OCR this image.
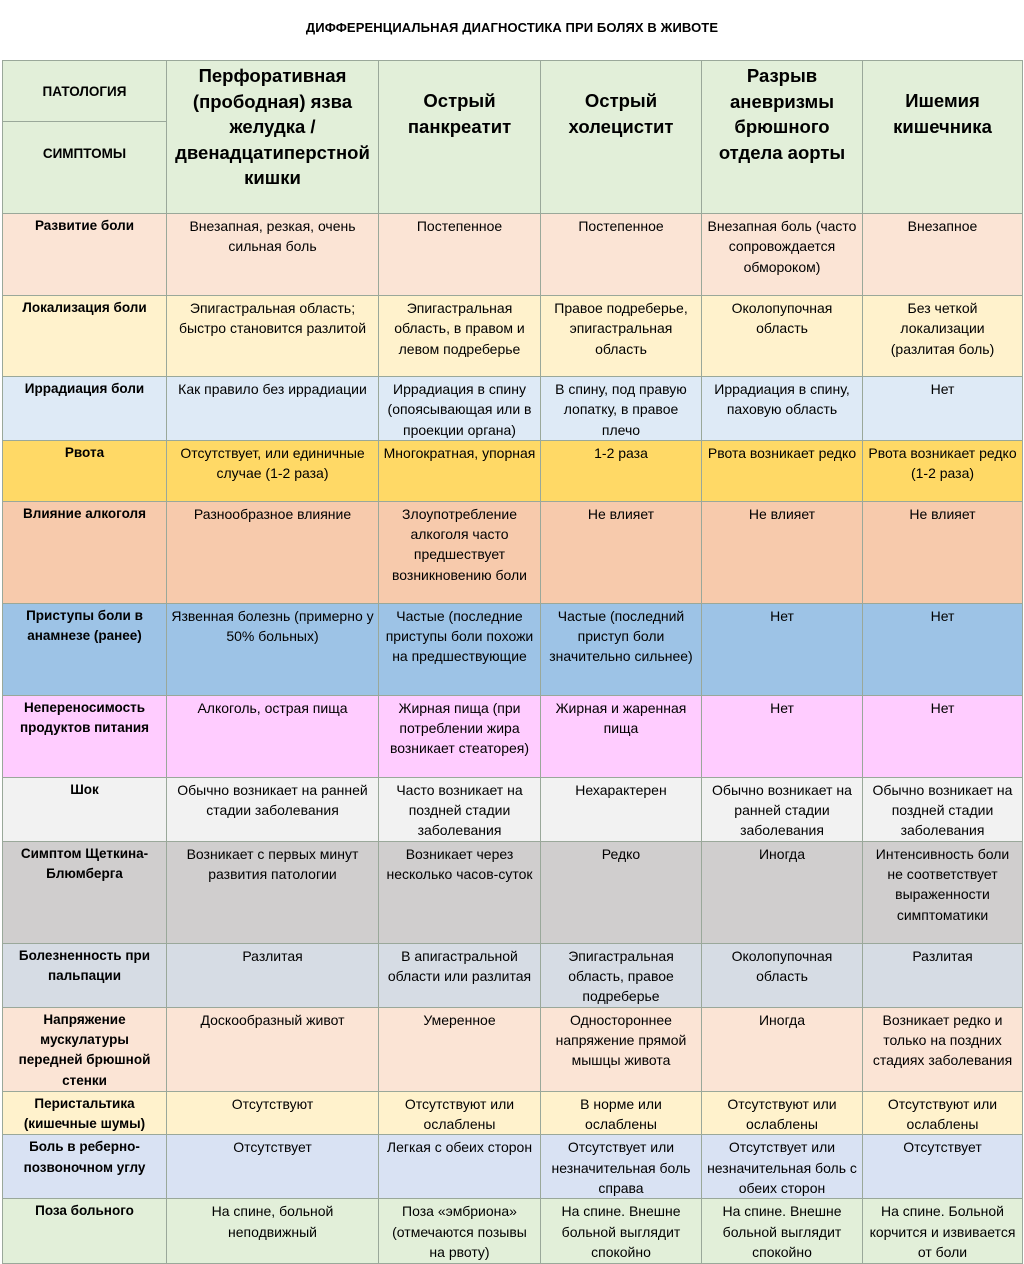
ДИФФЕРЕНЦИАЛЬНАЯ ДИАГНОСТИКА ПРИ БОЛЯХ В ЖИВОТЕ
ПАТОЛОГИЯ	Перфоративная (прободная) язва желудка / двенадцатиперстной кишки	Острый панкреатит	Острый холецистит	Разрыв аневризмы брюшного отдела аорты	Ишемия кишечника
СИМПТОМЫ					
Развитие боли	Внезапная, резкая, очень сильная боль	Постепенное	Постепенное	Внезапная боль (часто сопровождается обмороком)	Внезапное
Локализация боли	Эпигастральная область; быстро становится разлитой	Эпигастральная область, в правом и левом подреберье	Правое подреберье, эпигастральная область	Околопупочная область	Без четкой локализации (разлитая боль)
Иррадиация боли	Как правило без иррадиации	Иррадиация в спину (опоясывающая или в проекции органа)	В спину, под правую лопатку, в правое плечо	Иррадиация в спину, паховую область	Нет
Рвота	Отсутствует, или единичные случае (1-2 раза)	Многократная, упорная	1-2 раза	Рвота возникает редко	Рвота возникает редко (1-2 раза)
Влияние алкоголя	Разнообразное влияние	Злоупотребление алкоголя часто предшествует возникновению боли	Не влияет	Не влияет	Не влияет
Приступы боли в анамнезе (ранее)	Язвенная болезнь (примерно у 50% больных)	Частые (последние приступы боли похожи на предшествующие	Частые (последний приступ боли значительно сильнее)	Нет	Нет
Непереносимость продуктов питания	Алкоголь, острая пища	Жирная пища (при потреблении жира возникает стеаторея)	Жирная и жаренная пища	Нет	Нет
Шок	Обычно возникает на ранней стадии заболевания	Часто возникает на поздней стадии заболевания	Нехарактерен	Обычно возникает на ранней стадии заболевания	Обычно возникает на поздней стадии заболевания
Симптом Щеткина-Блюмберга	Возникает с первых минут развития патологии	Возникает через несколько часов-суток	Редко	Иногда	Интенсивность боли не соответствует выраженности симптоматики
Болезненность при пальпации	Разлитая	В апигастральной области или разлитая	Эпигастральная область, правое подреберье	Околопупочная область	Разлитая
Напряжение мускулатуры передней брюшной стенки	Доскообразный живот	Умеренное	Одностороннее напряжение прямой мышцы живота	Иногда	Возникает редко и только на поздних стадиях заболевания
Перистальтика (кишечные шумы)	Отсутствуют	Отсутствуют или ослаблены	В норме или ослаблены	Отсутствуют или ослаблены	Отсутствуют или ослаблены
Боль в реберно-позвоночном углу	Отсутствует	Легкая с обеих сторон	Отсутствует или незначительная боль справа	Отсутствует или незначительная боль с обеих сторон	Отсутствует
Поза больного	На спине, больной неподвижный	Поза «эмбриона» (отмечаются позывы на рвоту)	На спине. Внешне больной выглядит спокойно	На спине. Внешне больной выглядит спокойно	На спине. Больной корчится и извивается от боли
